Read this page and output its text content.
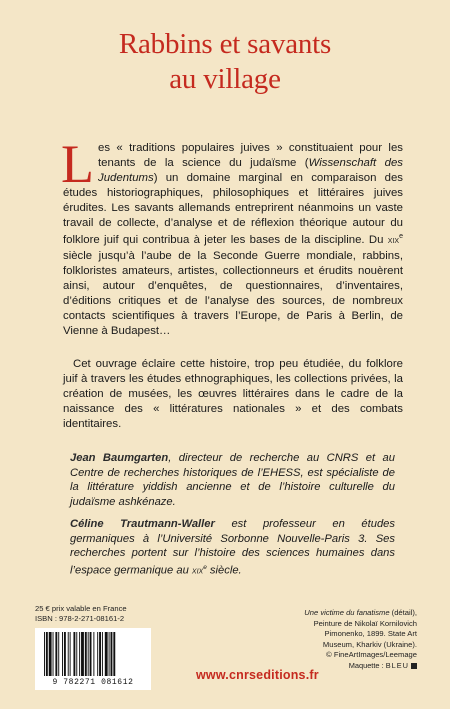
Rabbins et savants
au village
Les « traditions populaires juives » constituaient pour les tenants de la science du judaïsme (Wissenschaft des Judentums) un domaine marginal en comparaison des études historiographiques, philosophiques et littéraires juives érudites. Les savants allemands entreprirent néanmoins un vaste travail de collecte, d’analyse et de réflexion théorique autour du folklore juif qui contribua à jeter les bases de la discipline. Du xix$^e$ siècle jusqu’à l’aube de la Seconde Guerre mondiale, rabbins, folkloristes amateurs, artistes, collectionneurs et érudits nouèrent ainsi, autour d’enquêtes, de questionnaires, d’inventaires, d’éditions critiques et de l’analyse des sources, de nombreux contacts scientifiques à travers l’Europe, de Paris à Berlin, de Vienne à Budapest…
Cet ouvrage éclaire cette histoire, trop peu étudiée, du folklore juif à travers les études ethnographiques, les collections privées, la création de musées, les œuvres littéraires dans le cadre de la naissance des « littératures nationales » et des combats identitaires.
Jean Baumgarten, directeur de recherche au CNRS et au Centre de recherches historiques de l’EHESS, est spécialiste de la littérature yiddish ancienne et de l’histoire culturelle du judaïsme ashkénaze.
Céline Trautmann-Waller est professeur en études germaniques à l’Université Sorbonne Nouvelle-Paris 3. Ses recherches portent sur l’histoire des sciences humaines dans l’espace germanique au xix$^e$ siècle.
25 € prix valable en France
ISBN : 978-2-271-08161-2
9 782271 081612
Une victime du fanatisme (détail),
Peinture de Nikolaï Kornilovich
Pimonenko, 1899. State Art
Museum, Kharkiv (Ukraine).
© FineArtImages/Leemage
Maquette : BLEU
www.cnrseditions.fr
